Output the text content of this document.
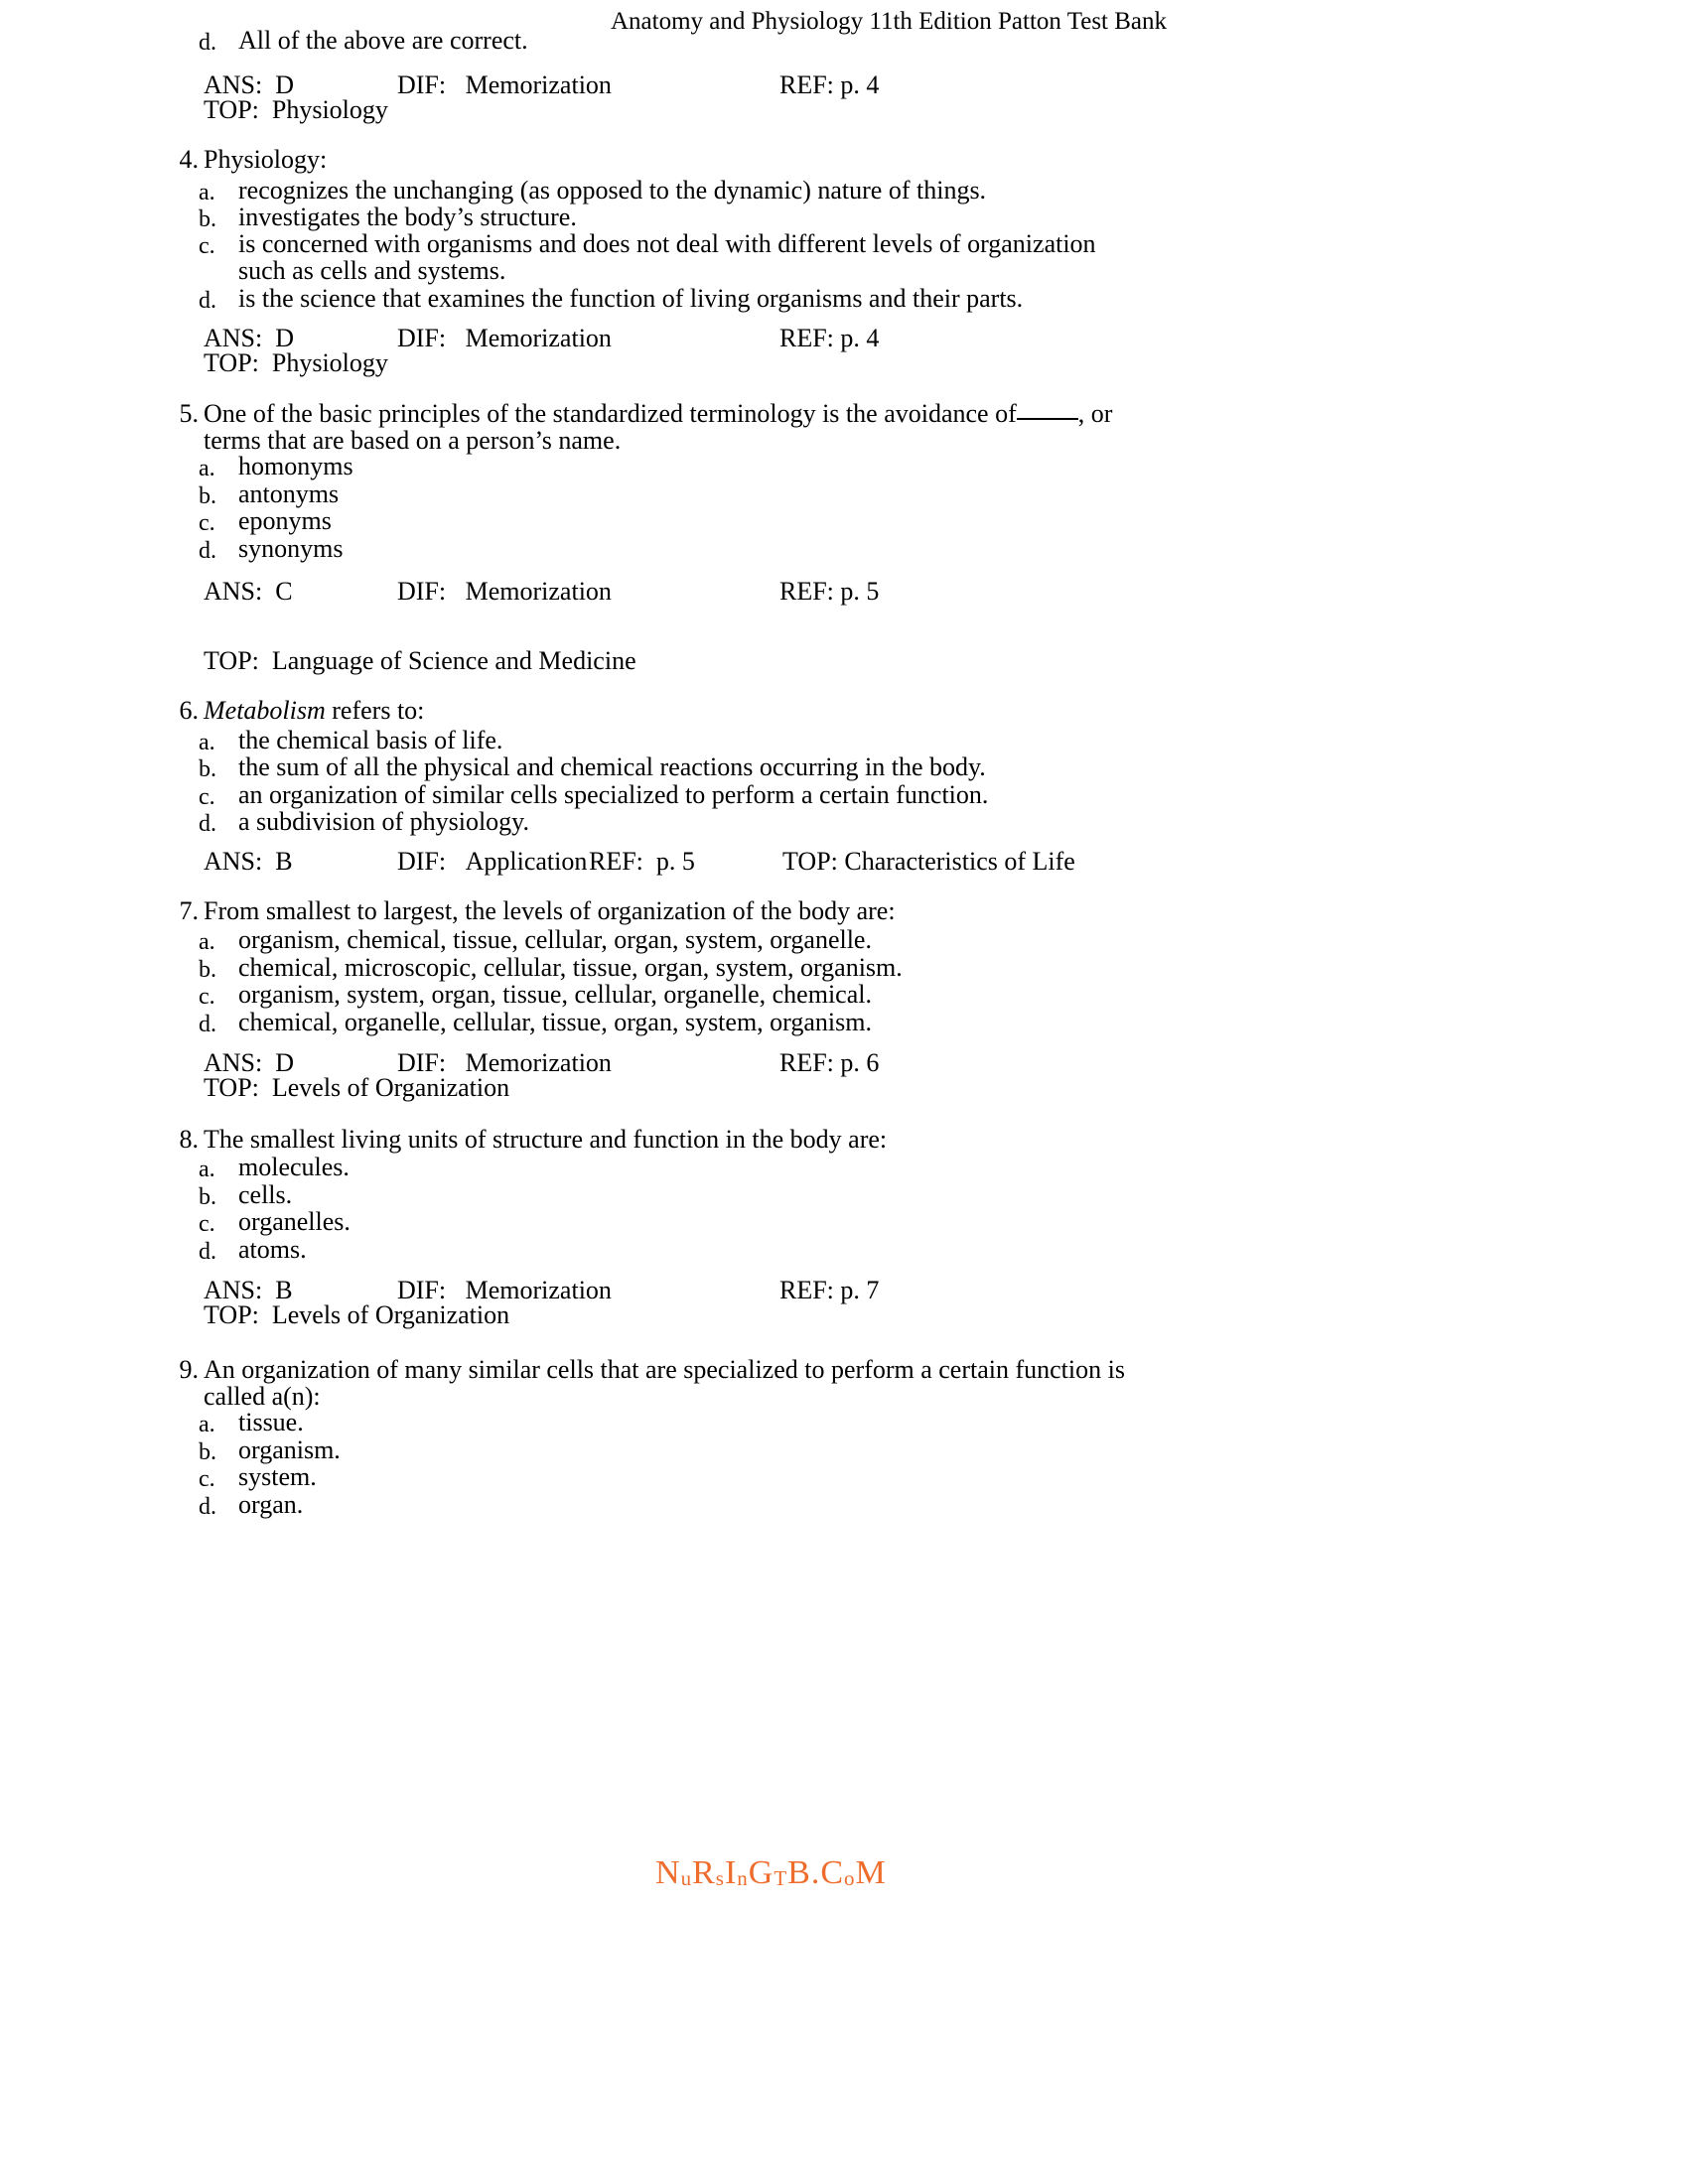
Anatomy and Physiology 11th Edition Patton Test Bank
d. All of the above are correct.
ANS: D	DIF: Memorization	REF: p. 4
TOP: Physiology
4. Physiology:
a. recognizes the unchanging (as opposed to the dynamic) nature of things.
b. investigates the body’s structure.
c. is concerned with organisms and does not deal with different levels of organization
such as cells and systems.
d. is the science that examines the function of living organisms and their parts.
ANS: D	DIF: Memorization	REF: p. 4
TOP: Physiology
5. One of the basic principles of the standardized terminology is the avoidance of , or
terms that are based on a person’s name.
a. homonyms
b. antonyms
c. eponyms
d. synonyms
ANS: C	DIF: Memorization	REF: p. 5
TOP: Language of Science and Medicine
6. Metabolism refers to:
a. the chemical basis of life.
b. the sum of all the physical and chemical reactions occurring in the body.
c. an organization of similar cells specialized to perform a certain function.
d. a subdivision of physiology.
ANS: B	DIF: Application REF: p. 5	TOP: Characteristics of Life
7. From smallest to largest, the levels of organization of the body are:
a. organism, chemical, tissue, cellular, organ, system, organelle.
b. chemical, microscopic, cellular, tissue, organ, system, organism.
c. organism, system, organ, tissue, cellular, organelle, chemical.
d. chemical, organelle, cellular, tissue, organ, system, organism.
ANS: D	DIF: Memorization	REF: p. 6
TOP: Levels of Organization
8. The smallest living units of structure and function in the body are:
a. molecules.
b. cells.
c. organelles.
d. atoms.
ANS: B	DIF: Memorization	REF: p. 7
TOP: Levels of Organization
9. An organization of many similar cells that are specialized to perform a certain function is
called a(n):
a. tissue.
b. organism.
c. system.
d. organ.
NuRsInGTB.CoM
